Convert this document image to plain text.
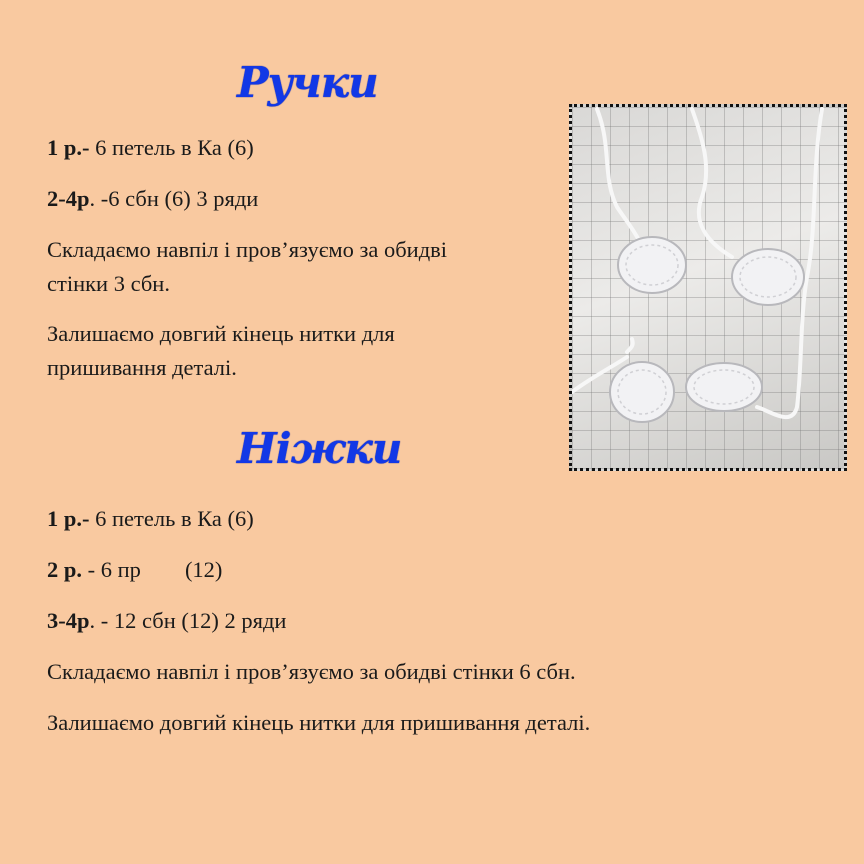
Ручки
1 р.- 6 петель в Ка (6)
2-4р. -6 сбн (6) 3 ряди
Складаємо навпіл і пров’язуємо за обидві
стінки 3 сбн.
Залишаємо довгий кінець нитки для
пришивання деталі.
Ніжки
1 р.- 6 петель в Ка (6)
2 р. - 6 пр (12)
3-4р. - 12 сбн (12) 2 ряди
Складаємо навпіл і пров’язуємо за обидві стінки 6 сбн.
Залишаємо довгий кінець нитки для пришивання деталі.
